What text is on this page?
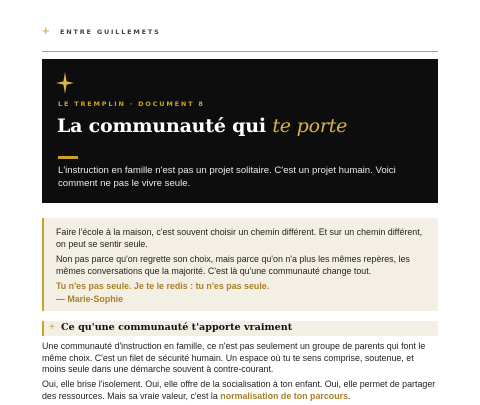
+ ENTRE GUILLEMETS
LE TREMPLIN · DOCUMENT 8
La communauté qui te porte

L'instruction en famille n'est pas un projet solitaire. C'est un projet humain. Voici comment ne pas le vivre seule.

Faire l'école à la maison, c'est souvent choisir un chemin différent. Et sur un chemin différent, on peut se sentir seule.

Non pas parce qu'on regrette son choix, mais parce qu'on n'a plus les mêmes repères, les mêmes conversations que la majorité. C'est là qu'une communauté change tout.

Tu n'es pas seule. Je te le redis : tu n'es pas seule.

— Marie-Sophie
+ Ce qu'une communauté t'apporte vraiment

Une communauté d'instruction en famille, ce n'est pas seulement un groupe de parents qui font le même choix. C'est un filet de sécurité humain. Un espace où tu te sens comprise, soutenue, et moins seule dans une démarche souvent à contre-courant.

Oui, elle brise l'isolement. Oui, elle offre de la socialisation à ton enfant. Oui, elle permet de partager des ressources. Mais sa vraie valeur, c'est la normalisation de ton parcours.
